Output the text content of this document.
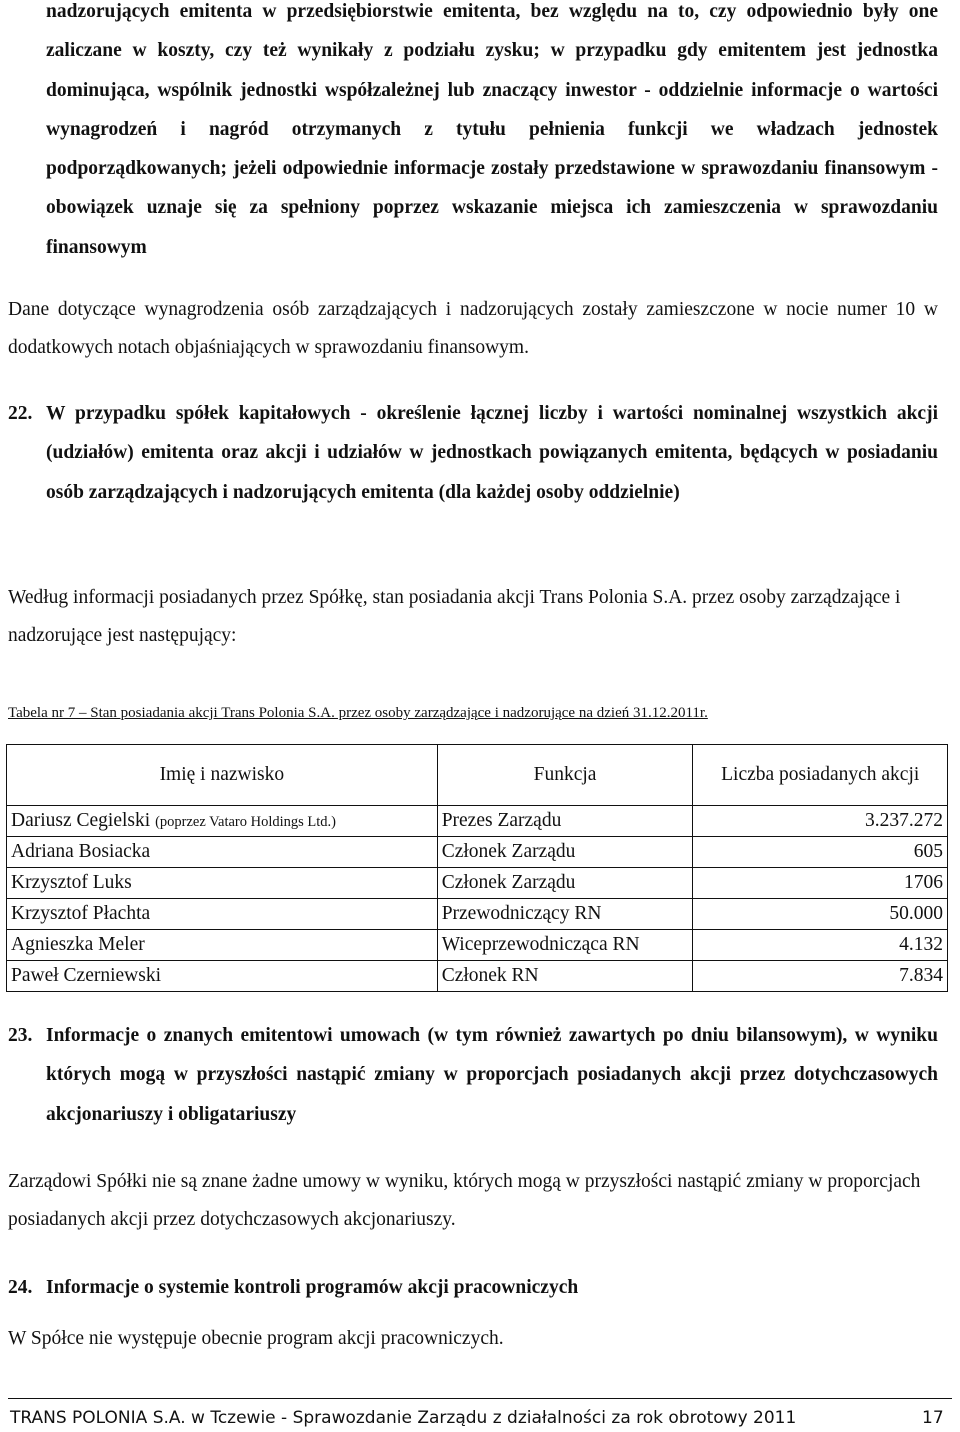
nadzorujących emitenta w przedsiębiorstwie emitenta, bez względu na to, czy odpowiednio były one zaliczane w koszty, czy też wynikały z podziału zysku; w przypadku gdy emitentem jest jednostka dominująca, wspólnik jednostki współzależnej lub znaczący inwestor - oddzielnie informacje o wartości wynagrodzeń i nagród otrzymanych z tytułu pełnienia funkcji we władzach jednostek podporządkowanych; jeżeli odpowiednie informacje zostały przedstawione w sprawozdaniu finansowym - obowiązek uznaje się za spełniony poprzez wskazanie miejsca ich zamieszczenia w sprawozdaniu finansowym

Dane dotyczące wynagrodzenia osób zarządzających i nadzorujących zostały zamieszczone w nocie numer 10 w dodatkowych notach objaśniających w sprawozdaniu finansowym.

22. W przypadku spółek kapitałowych - określenie łącznej liczby i wartości nominalnej wszystkich akcji (udziałów) emitenta oraz akcji i udziałów w jednostkach powiązanych emitenta, będących w posiadaniu osób zarządzających i nadzorujących emitenta (dla każdej osoby oddzielnie)

Według informacji posiadanych przez Spółkę, stan posiadania akcji Trans Polonia S.A. przez osoby zarządzające i nadzorujące jest następujący:

Tabela nr 7 – Stan posiadania akcji Trans Polonia S.A. przez osoby zarządzające i nadzorujące na dzień 31.12.2011r.

Imię i nazwisko	Funkcja	Liczba posiadanych akcji
Dariusz Cegielski (poprzez Vataro Holdings Ltd.)	Prezes Zarządu	3.237.272
Adriana Bosiacka	Członek Zarządu	605
Krzysztof Luks	Członek Zarządu	1706
Krzysztof Płachta	Przewodniczący RN	50.000
Agnieszka Meler	Wiceprzewodnicząca RN	4.132
Paweł Czerniewski	Członek RN	7.834
23. Informacje o znanych emitentowi umowach (w tym również zawartych po dniu bilansowym), w wyniku których mogą w przyszłości nastąpić zmiany w proporcjach posiadanych akcji przez dotychczasowych akcjonariuszy i obligatariuszy

Zarządowi Spółki nie są znane żadne umowy w wyniku, których mogą w przyszłości nastąpić zmiany w proporcjach posiadanych akcji przez dotychczasowych akcjonariuszy.

24. Informacje o systemie kontroli programów akcji pracowniczych

W Spółce nie występuje obecnie program akcji pracowniczych.

TRANS POLONIA S.A. w Tczewie - Sprawozdanie Zarządu z działalności za rok obrotowy 2011	17
